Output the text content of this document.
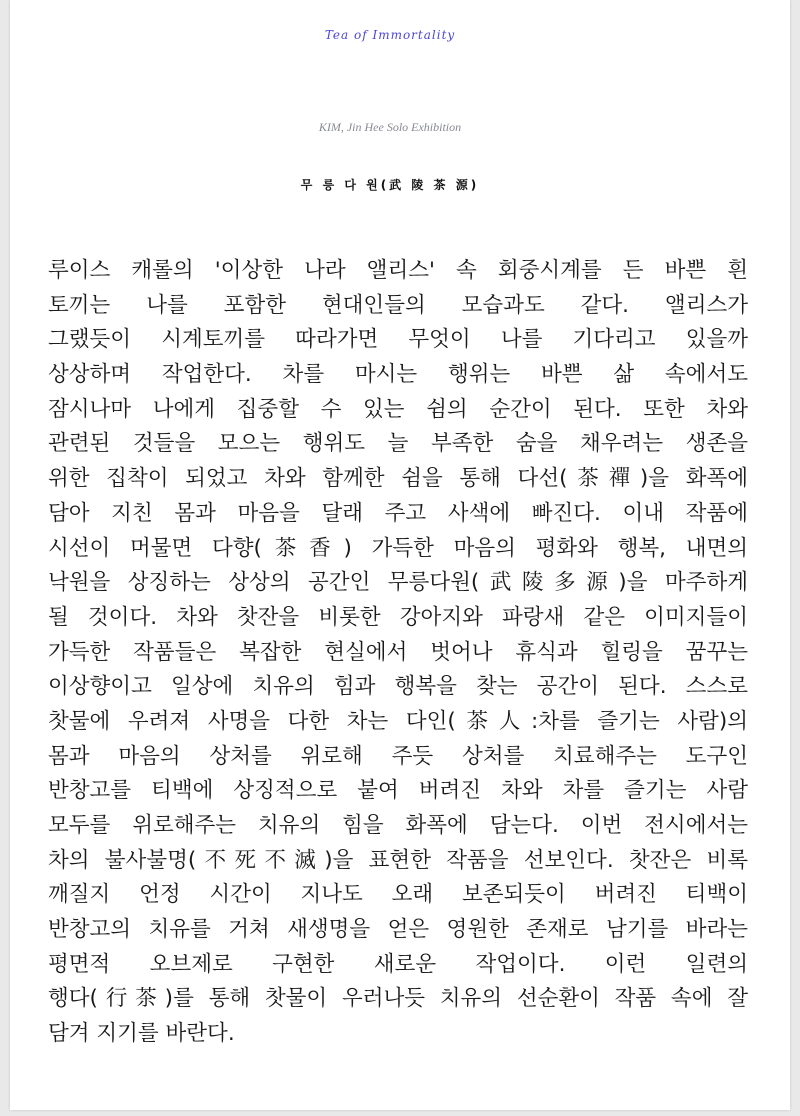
Tea of Immortality
KIM, Jin Hee Solo Exhibition
무 릉 다 원(武 陵 茶 源)
루이스 캐롤의 '이상한 나라 앨리스' 속 회중시계를 든 바쁜 흰
토끼는 나를 포함한 현대인들의 모습과도 같다. 앨리스가
그랬듯이 시계토끼를 따라가면 무엇이 나를 기다리고 있을까
상상하며 작업한다. 차를 마시는 행위는 바쁜 삶 속에서도
잠시나마 나에게 집중할 수 있는 쉼의 순간이 된다. 또한 차와
관련된 것들을 모으는 행위도 늘 부족한 숨을 채우려는 생존을
위한 집착이 되었고 차와 함께한 쉼을 통해 다선(茶禪)을 화폭에
담아 지친 몸과 마음을 달래 주고 사색에 빠진다. 이내 작품에
시선이 머물면 다향(茶香) 가득한 마음의 평화와 행복, 내면의
낙원을 상징하는 상상의 공간인 무릉다원(武陵多源)을 마주하게
될 것이다. 차와 찻잔을 비롯한 강아지와 파랑새 같은 이미지들이
가득한 작품들은 복잡한 현실에서 벗어나 휴식과 힐링을 꿈꾸는
이상향이고 일상에 치유의 힘과 행복을 찾는 공간이 된다. 스스로
찻물에 우려져 사명을 다한 차는 다인(茶人:차를 즐기는 사람)의
몸과 마음의 상처를 위로해 주듯 상처를 치료해주는 도구인
반창고를 티백에 상징적으로 붙여 버려진 차와 차를 즐기는 사람
모두를 위로해주는 치유의 힘을 화폭에 담는다. 이번 전시에서는
차의 불사불명(不死不滅)을 표현한 작품을 선보인다. 찻잔은 비록
깨질지 언정 시간이 지나도 오래 보존되듯이 버려진 티백이
반창고의 치유를 거쳐 새생명을 얻은 영원한 존재로 남기를 바라는
평면적 오브제로 구현한 새로운 작업이다. 이런 일련의
행다(行茶)를 통해 찻물이 우러나듯 치유의 선순환이 작품 속에 잘
담겨 지기를 바란다.
